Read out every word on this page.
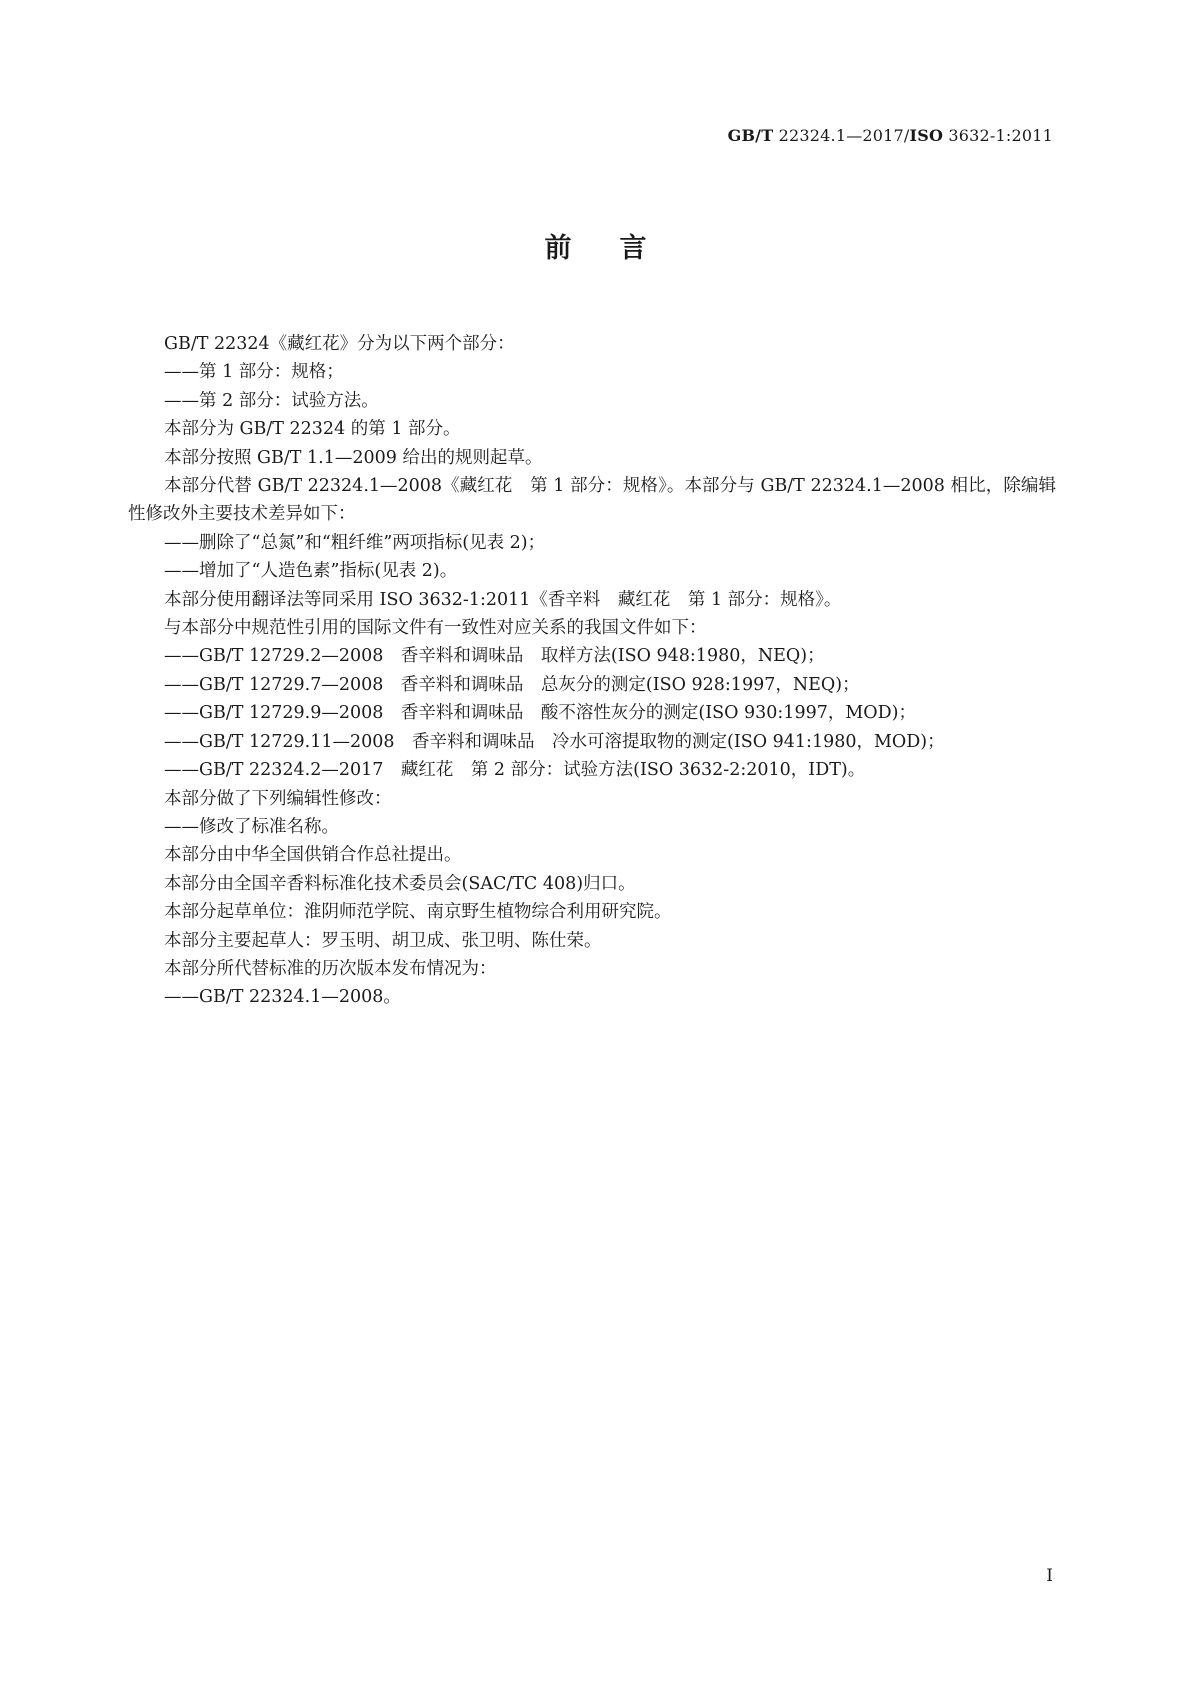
GB/T 22324.1—2017/ISO 3632-1:2011
前言

GB/T 22324《藏红花》分为以下两个部分：

——第 1 部分：规格；

——第 2 部分：试验方法。

本部分为 GB/T 22324 的第 1 部分。

本部分按照 GB/T 1.1—2009 给出的规则起草。

本部分代替 GB/T 22324.1—2008《藏红花　第 1 部分：规格》。本部分与 GB/T 22324.1—2008 相比，除编辑性修改外主要技术差异如下：

——删除了“总氮”和“粗纤维”两项指标(见表 2)；

——增加了“人造色素”指标(见表 2)。

本部分使用翻译法等同采用 ISO 3632-1:2011《香辛料　藏红花　第 1 部分：规格》。

与本部分中规范性引用的国际文件有一致性对应关系的我国文件如下：

——GB/T 12729.2—2008　香辛料和调味品　取样方法(ISO 948:1980，NEQ)；

——GB/T 12729.7—2008　香辛料和调味品　总灰分的测定(ISO 928:1997，NEQ)；

——GB/T 12729.9—2008　香辛料和调味品　酸不溶性灰分的测定(ISO 930:1997，MOD)；

——GB/T 12729.11—2008　香辛料和调味品　冷水可溶提取物的测定(ISO 941:1980，MOD)；

——GB/T 22324.2—2017　藏红花　第 2 部分：试验方法(ISO 3632-2:2010，IDT)。

本部分做了下列编辑性修改：

——修改了标准名称。

本部分由中华全国供销合作总社提出。

本部分由全国辛香料标准化技术委员会(SAC/TC 408)归口。

本部分起草单位：淮阴师范学院、南京野生植物综合利用研究院。

本部分主要起草人：罗玉明、胡卫成、张卫明、陈仕荣。

本部分所代替标准的历次版本发布情况为：

——GB/T 22324.1—2008。

I
